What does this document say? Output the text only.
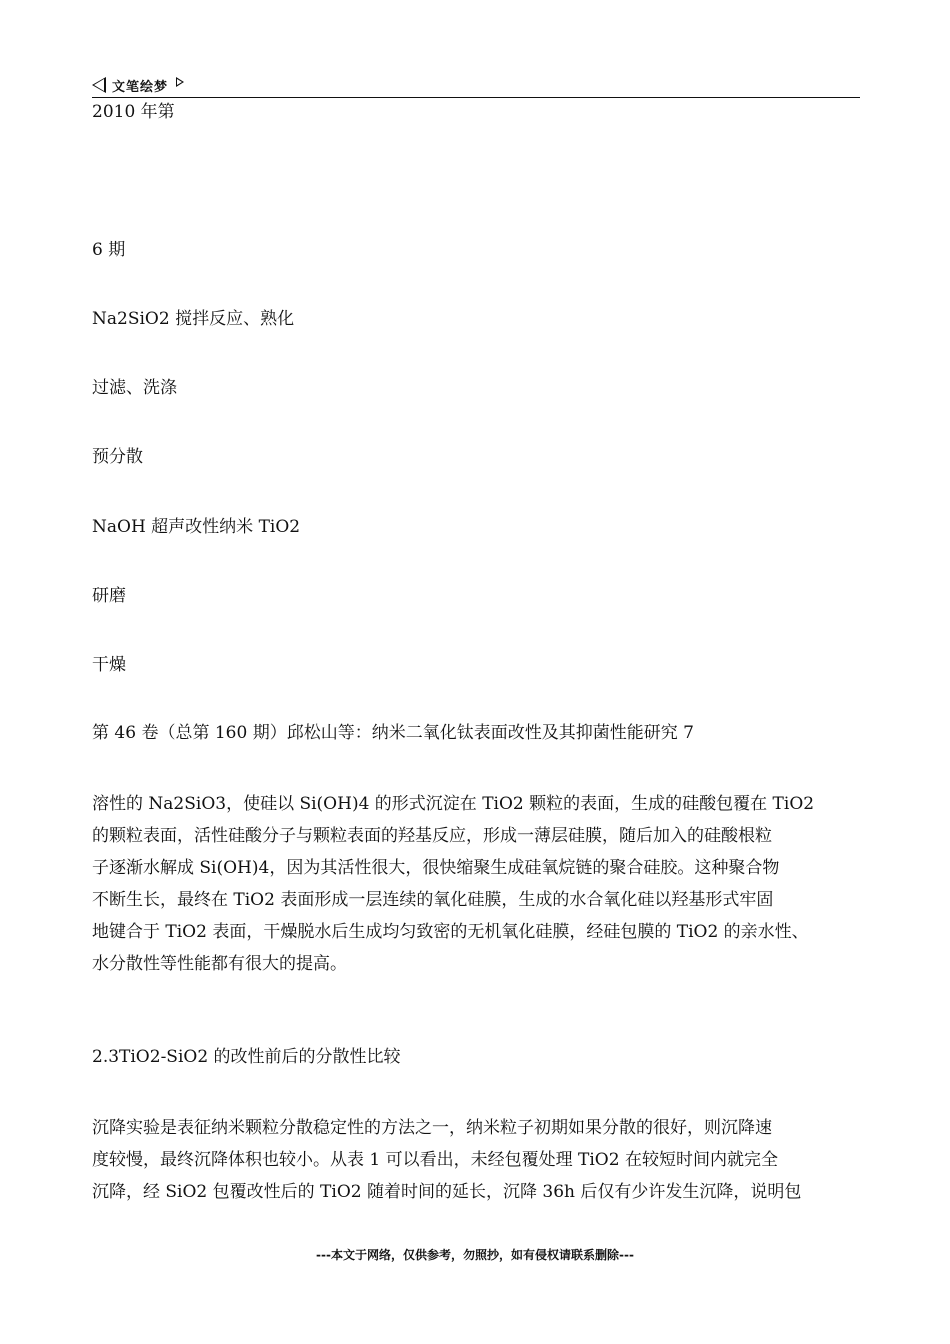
文笔绘梦
2010 年第
6 期
Na2SiO2 搅拌反应、熟化
过滤、洗涤
预分散
NaOH 超声改性纳米 TiO2
研磨
干燥
第 46 卷（总第 160 期）邱松山等：纳米二氧化钛表面改性及其抑菌性能研究 7
溶性的 Na2SiO3，使硅以 Si(OH)4 的形式沉淀在 TiO2 颗粒的表面，生成的硅酸包覆在 TiO2
的颗粒表面，活性硅酸分子与颗粒表面的羟基反应，形成一薄层硅膜，随后加入的硅酸根粒
子逐渐水解成 Si(OH)4，因为其活性很大，很快缩聚生成硅氧烷链的聚合硅胶。这种聚合物
不断生长，最终在 TiO2 表面形成一层连续的氧化硅膜，生成的水合氧化硅以羟基形式牢固
地键合于 TiO2 表面，干燥脱水后生成均匀致密的无机氧化硅膜，经硅包膜的 TiO2 的亲水性、
水分散性等性能都有很大的提高。
2.3TiO2-SiO2 的改性前后的分散性比较
沉降实验是表征纳米颗粒分散稳定性的方法之一，纳米粒子初期如果分散的很好，则沉降速
度较慢，最终沉降体积也较小。从表 1 可以看出，未经包覆处理 TiO2 在较短时间内就完全
沉降，经 SiO2 包覆改性后的 TiO2 随着时间的延长，沉降 36h 后仅有少许发生沉降，说明包
---本文于网络，仅供参考，勿照抄，如有侵权请联系删除---
